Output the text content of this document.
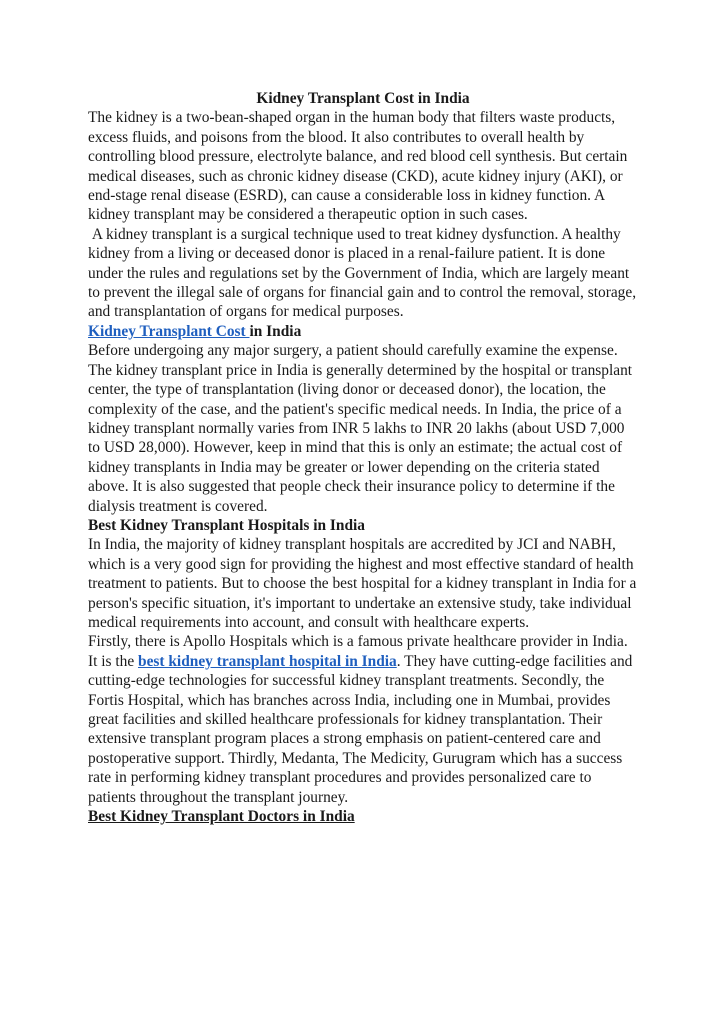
Kidney Transplant Cost in India

The kidney is a two-bean-shaped organ in the human body that filters waste products, excess fluids, and poisons from the blood. It also contributes to overall health by controlling blood pressure, electrolyte balance, and red blood cell synthesis. But certain medical diseases, such as chronic kidney disease (CKD), acute kidney injury (AKI), or end-stage renal disease (ESRD), can cause a considerable loss in kidney function. A kidney transplant may be considered a therapeutic option in such cases.

A kidney transplant is a surgical technique used to treat kidney dysfunction. A healthy kidney from a living or deceased donor is placed in a renal-failure patient. It is done under the rules and regulations set by the Government of India, which are largely meant to prevent the illegal sale of organs for financial gain and to control the removal, storage, and transplantation of organs for medical purposes.

Kidney Transplant Cost in India

Before undergoing any major surgery, a patient should carefully examine the expense. The kidney transplant price in India is generally determined by the hospital or transplant center, the type of transplantation (living donor or deceased donor), the location, the complexity of the case, and the patient's specific medical needs. In India, the price of a kidney transplant normally varies from INR 5 lakhs to INR 20 lakhs (about USD 7,000 to USD 28,000). However, keep in mind that this is only an estimate; the actual cost of kidney transplants in India may be greater or lower depending on the criteria stated above. It is also suggested that people check their insurance policy to determine if the dialysis treatment is covered.

Best Kidney Transplant Hospitals in India

In India, the majority of kidney transplant hospitals are accredited by JCI and NABH, which is a very good sign for providing the highest and most effective standard of health treatment to patients. But to choose the best hospital for a kidney transplant in India for a person's specific situation, it's important to undertake an extensive study, take individual medical requirements into account, and consult with healthcare experts.

Firstly, there is Apollo Hospitals which is a famous private healthcare provider in India. It is the best kidney transplant hospital in India. They have cutting-edge facilities and cutting-edge technologies for successful kidney transplant treatments. Secondly, the Fortis Hospital, which has branches across India, including one in Mumbai, provides great facilities and skilled healthcare professionals for kidney transplantation. Their extensive transplant program places a strong emphasis on patient-centered care and postoperative support. Thirdly, Medanta, The Medicity, Gurugram which has a success rate in performing kidney transplant procedures and provides personalized care to patients throughout the transplant journey.

Best Kidney Transplant Doctors in India
